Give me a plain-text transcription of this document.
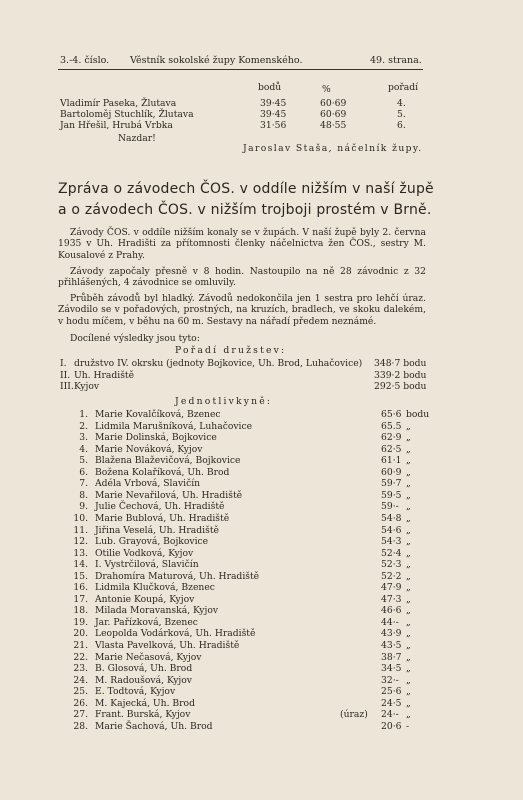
3.-4. číslo. Věstník sokolské župy Komenského.	49. strana.
bodů	%	pořadí
Vladimír Paseka, Žlutava	39·45	60·69	4.
Bartoloměj Stuchlík, Žlutava	39·45	60·69	5.
Jan Hřešil, Hrubá Vrbka	31·56	48·55	6.
Nazdar!
Jaroslav Staša, náčelník župy.
Zpráva o závodech ČOS. v oddíle nižším v naší župě
a o závodech ČOS. v nižším trojboji prostém v Brně.
Závody ČOS. v oddíle nižším konaly se v župách. V naší župě byly 2. června 1935 v Uh. Hradišti za přítomnosti členky náčelnictva žen ČOS., sestry M. Kousalové z Prahy.
Závody započaly přesně v 8 hodin. Nastoupilo na ně 28 závodnic z 32 přihlášených, 4 závodnice se omluvily.
Průběh závodů byl hladký. Závodů nedokončila jen 1 sestra pro lehčí úraz. Závodilo se v pořadových, prostných, na kruzích, bradlech, ve skoku dalekém, v hodu míčem, v běhu na 60 m. Sestavy na nářadí předem neznámé.
Docílené výsledky jsou tyto:
Pořadí družstev:
I. družstvo IV. okrsku (jednoty Bojkovice, Uh. Brod, Luhačovice) 348·7 bodu
II. Uh. Hradiště	339·2 bodu
III. Kyjov	292·5 bodu
Jednotlivkyně:
1. Marie Kovalčíková, Bzenec	65·6 bodu
2. Lidmila Marušníková, Luhačovice	65.5 „
3. Marie Dolinská, Bojkovice	62·9 „
4. Marie Nováková, Kyjov	62·5 „
5. Blažena Blaževičová, Bojkovice	61·1 „
6. Božena Kolaříková, Uh. Brod	60·9 „
7. Adéla Vrbová, Slavičín	59·7 „
8. Marie Nevařilová, Uh. Hradiště	59·5 „
9. Julie Čechová, Uh. Hradiště	59·- „
10. Marie Bublová, Uh. Hradiště	54·8 „
11. Jiřina Veselá, Uh. Hradiště	54·6 „
12. Lub. Grayová, Bojkovice	54·3 „
13. Otilie Vodková, Kyjov	52·4 „
14. I. Vystrčilová, Slavičín	52·3 „
15. Drahomíra Maturová, Uh. Hradiště	52·2 „
16. Lidmila Klučková, Bzenec	47·9 „
17. Antonie Koupá, Kyjov	47·3 „
18. Milada Moravanská, Kyjov	46·6 „
19. Jar. Pařízková, Bzenec	44·- „
20. Leopolda Vodárková, Uh. Hradiště	43·9 „
21. Vlasta Pavelková, Uh. Hradiště	43·5 „
22. Marie Nečasová, Kyjov	38·7 „
23. B. Glosová, Uh. Brod	34·5 „
24. M. Radoušová, Kyjov	32·- „
25. E. Todtová, Kyjov	25·6 „
26. M. Kajecká, Uh. Brod	24·5 „
27. Frant. Burská, Kyjov	(úraz) 24·- „
28. Marie Šachová, Uh. Brod	20·6 -
